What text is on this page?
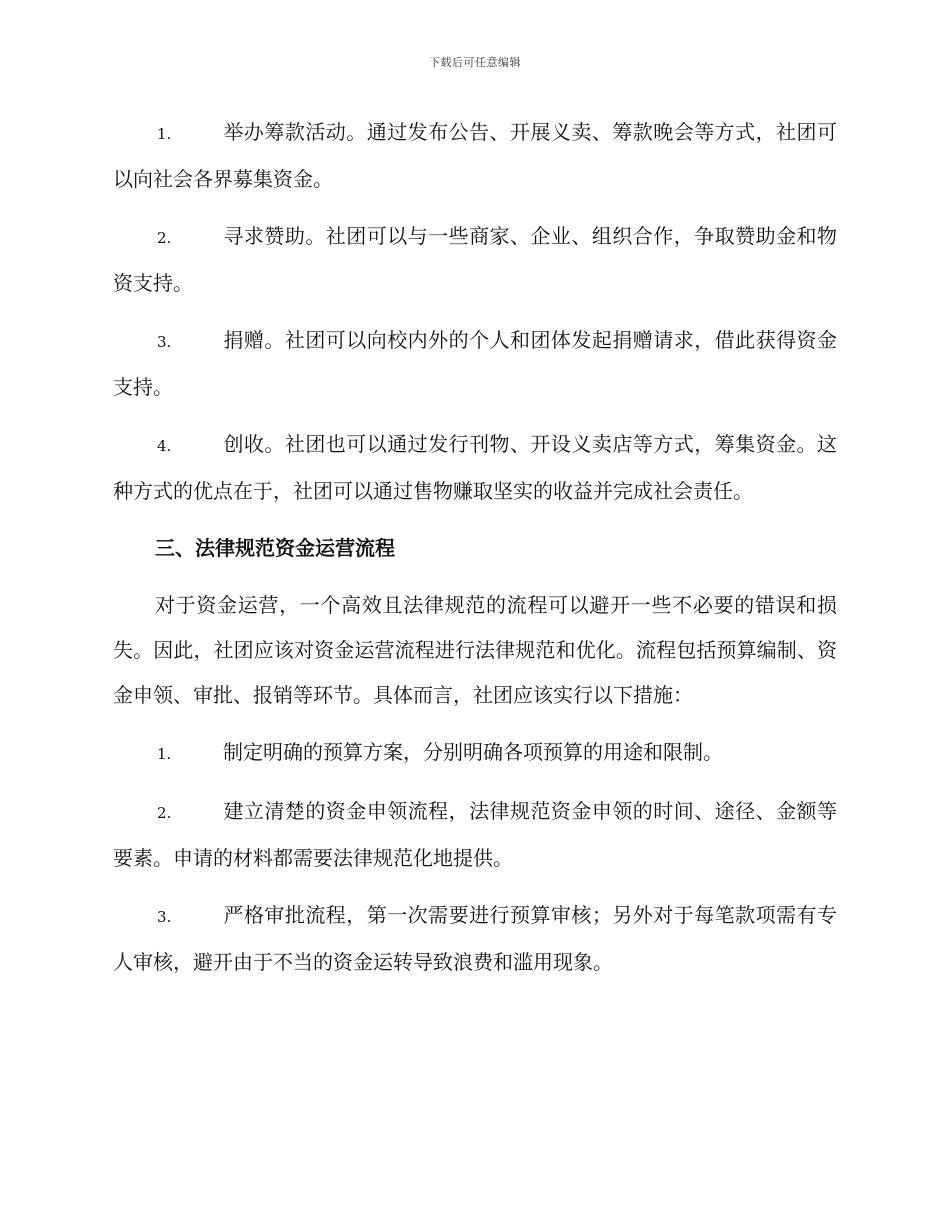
下载后可任意编辑

1.	举办筹款活动。通过发布公告、开展义卖、筹款晚会等方式，社团可以向社会各界募集资金。

2.	寻求赞助。社团可以与一些商家、企业、组织合作，争取赞助金和物资支持。

3.	捐赠。社团可以向校内外的个人和团体发起捐赠请求，借此获得资金支持。

4.	创收。社团也可以通过发行刊物、开设义卖店等方式，筹集资金。这种方式的优点在于，社团可以通过售物赚取坚实的收益并完成社会责任。

三、法律规范资金运营流程

对于资金运营，一个高效且法律规范的流程可以避开一些不必要的错误和损失。因此，社团应该对资金运营流程进行法律规范和优化。流程包括预算编制、资金申领、审批、报销等环节。具体而言，社团应该实行以下措施：

1.	制定明确的预算方案，分别明确各项预算的用途和限制。

2.	建立清楚的资金申领流程，法律规范资金申领的时间、途径、金额等要素。申请的材料都需要法律规范化地提供。

3.	严格审批流程，第一次需要进行预算审核；另外对于每笔款项需有专人审核，避开由于不当的资金运转导致浪费和滥用现象。
